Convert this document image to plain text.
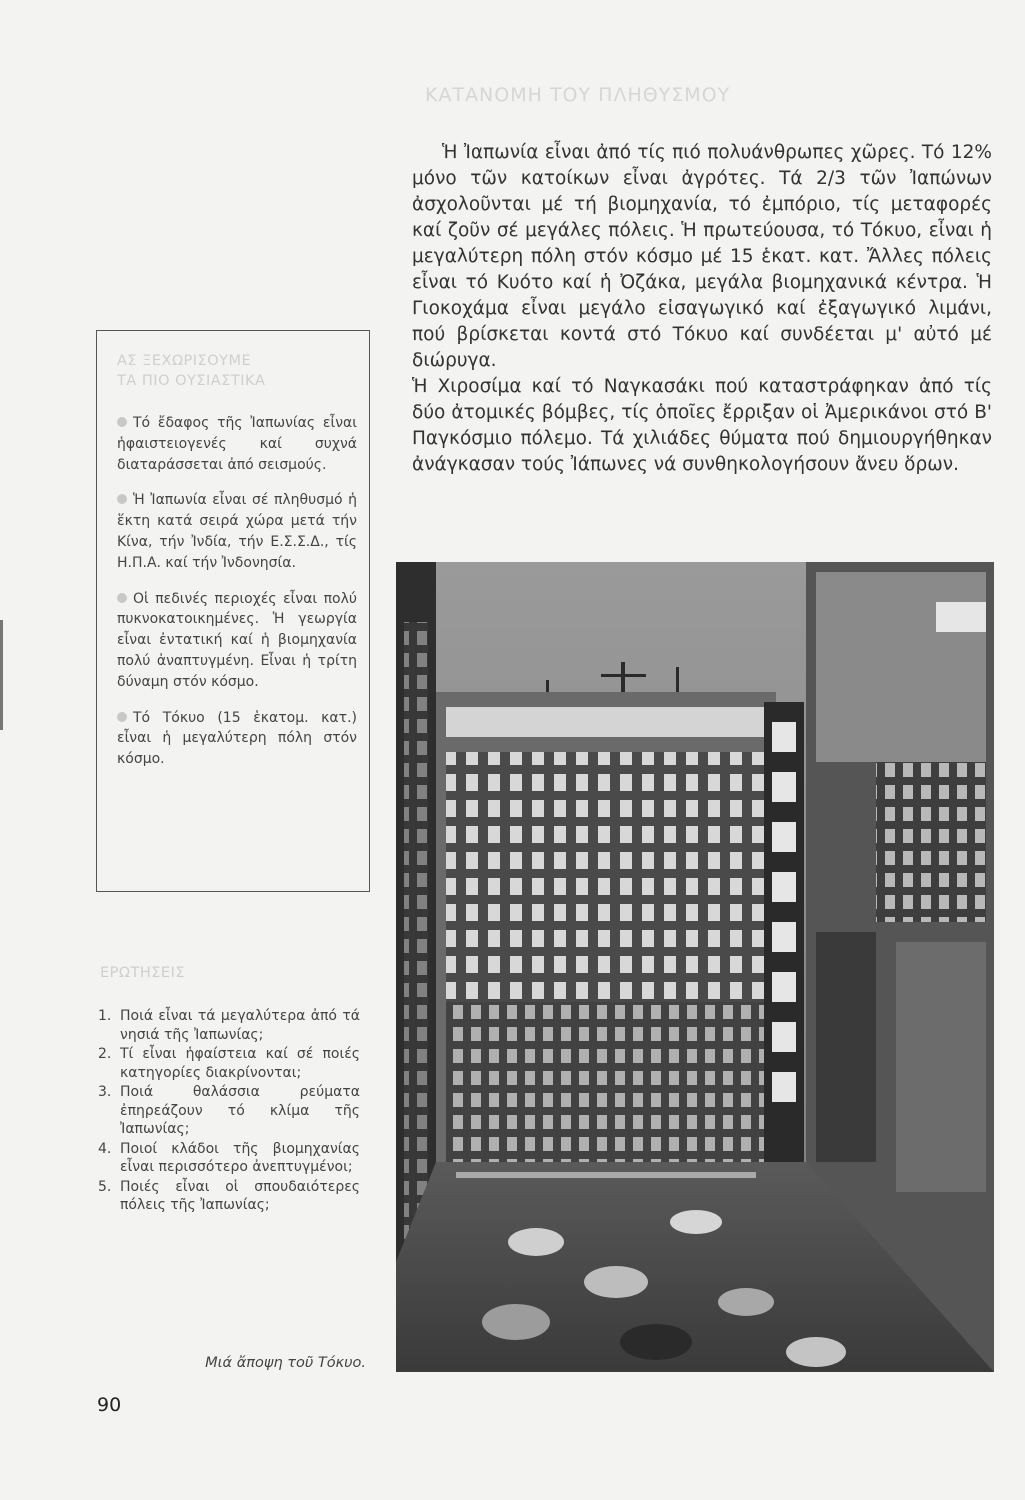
ΚΑΤΑΝΟΜΗ ΤΟΥ ΠΛΗΘΥΣΜΟΥ

Ἡ Ἰαπωνία εἶναι ἀπό τίς πιό πολυάνθρωπες χῶρες. Τό 12% μόνο τῶν κατοίκων εἶναι ἀγρότες. Τά 2/3 τῶν Ἰαπώνων ἀσχολοῦνται μέ τή βιομηχανία, τό ἐμπόριο, τίς μεταφορές καί ζοῦν σέ μεγάλες πόλεις. Ἡ πρωτεύουσα, τό Τόκυο, εἶναι ἡ μεγαλύτερη πόλη στόν κόσμο μέ 15 ἑκατ. κατ. Ἄλλες πόλεις εἶναι τό Κυότο καί ἡ Ὀζάκα, μεγάλα βιομηχανικά κέντρα. Ἡ Γιοκοχάμα εἶναι μεγάλο εἰσαγωγικό καί ἐξαγωγικό λιμάνι, πού βρίσκεται κοντά στό Τόκυο καί συνδέεται μ' αὐτό μέ διώρυγα.

Ἡ Χιροσίμα καί τό Ναγκασάκι πού καταστράφηκαν ἀπό τίς δύο ἀτομικές βόμβες, τίς ὁποῖες ἔρριξαν οἱ Ἀμερικάνοι στό Β' Παγκόσμιο πόλεμο. Τά χιλιάδες θύματα πού δημιουργήθηκαν ἀνάγκασαν τούς Ἰάπωνες νά συνθηκολογήσουν ἄνευ ὅρων.

ΑΣ ΞΕΧΩΡΙΣΟΥΜΕ
ΤΑ ΠΙΟ ΟΥΣΙΑΣΤΙΚΑ
Τό ἔδαφος τῆς Ἰαπωνίας εἶναι ἡφαιστειογενές καί συχνά διαταράσσεται ἀπό σεισμούς.
Ἡ Ἰαπωνία εἶναι σέ πληθυσμό ἡ ἕκτη κατά σειρά χώρα μετά τήν Κίνα, τήν Ἰνδία, τήν Ε.Σ.Σ.Δ., τίς Η.Π.Α. καί τήν Ἰνδονησία.
Οἱ πεδινές περιοχές εἶναι πολύ πυκνοκατοικημένες. Ἡ γεωργία εἶναι ἐντατική καί ἡ βιομηχανία πολύ ἀναπτυγμένη. Εἶναι ἡ τρίτη δύναμη στόν κόσμο.
Τό Τόκυο (15 ἑκατομ. κατ.) εἶναι ἡ μεγαλύτερη πόλη στόν κόσμο.
ΕΡΩΤΗΣΕΙΣ
1. Ποιά εἶναι τά μεγαλύτερα ἀπό τά νησιά τῆς Ἰαπωνίας;
2. Τί εἶναι ἡφαίστεια καί σέ ποιές κατηγορίες διακρίνονται;
3. Ποιά θαλάσσια ρεύματα ἐπηρεάζουν τό κλίμα τῆς Ἰαπωνίας;
4. Ποιοί κλάδοι τῆς βιομηχανίας εἶναι περισσότερο ἀνεπτυγμένοι;
5. Ποιές εἶναι οἱ σπουδαιότερες πόλεις τῆς Ἰαπωνίας;
Μιά ἄποψη τοῦ Τόκυο.
90
